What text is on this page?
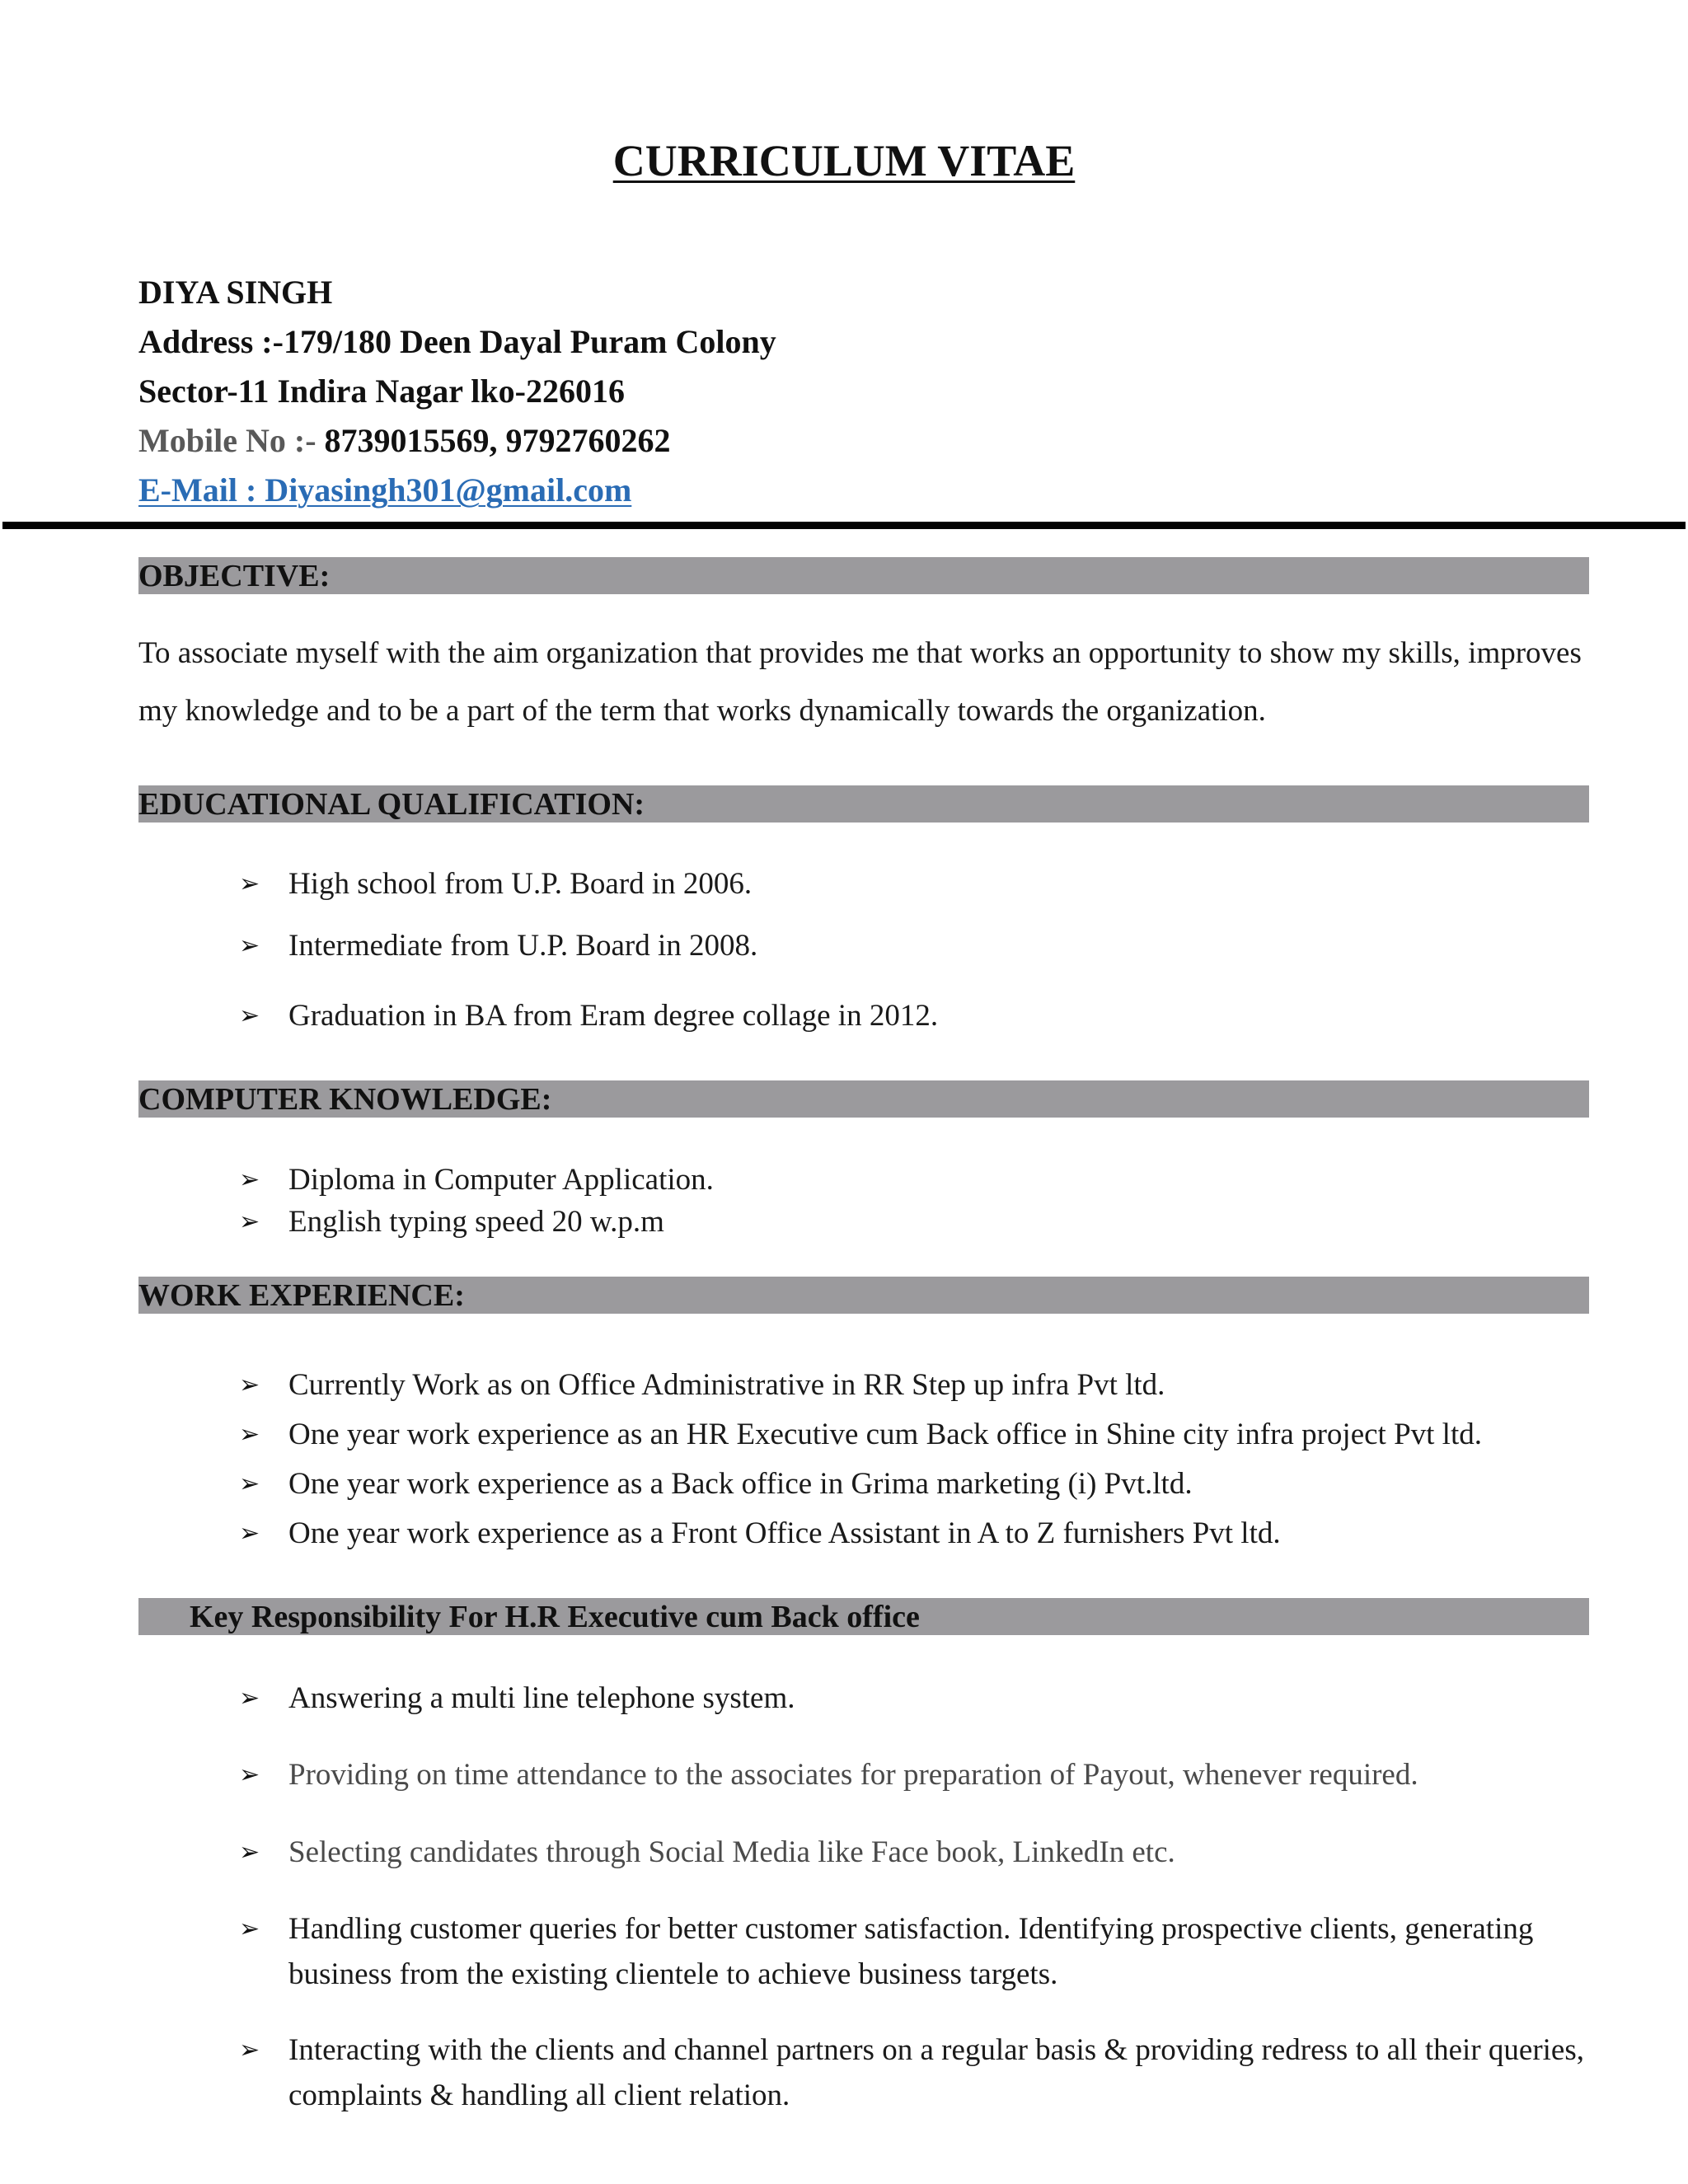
CURRICULUM VITAE
DIYA SINGH
Address :-179/180 Deen Dayal Puram Colony
Sector-11 Indira Nagar lko-226016
Mobile No :- 8739015569, 9792760262
E-Mail : Diyasingh301@gmail.com
OBJECTIVE:
To associate myself with the aim organization that provides me that works an opportunity to show my skills, improves my knowledge and to be a part of the term that works dynamically towards the organization.
EDUCATIONAL QUALIFICATION:
➢ High school from U.P. Board in 2006.
➢ Intermediate from U.P. Board in 2008.
➢ Graduation in BA from Eram degree collage in 2012.
COMPUTER KNOWLEDGE:
➢ Diploma in Computer Application.
➢ English typing speed 20 w.p.m
WORK EXPERIENCE:
➢ Currently Work as on Office Administrative in RR Step up infra Pvt ltd.
➢ One year work experience as an HR Executive cum Back office in Shine city infra project Pvt ltd.
➢ One year work experience as a Back office in Grima marketing (i) Pvt.ltd.
➢ One year work experience as a Front Office Assistant in A to Z furnishers Pvt ltd.
Key Responsibility For H.R Executive cum Back office
➢ Answering a multi line telephone system.
➢ Providing on time attendance to the associates for preparation of Payout, whenever required.
➢ Selecting candidates through Social Media like Face book, LinkedIn etc.
➢ Handling customer queries for better customer satisfaction. Identifying prospective clients, generating business from the existing clientele to achieve business targets.
➢ Interacting with the clients and channel partners on a regular basis & providing redress to all their queries, complaints & handling all client relation.
